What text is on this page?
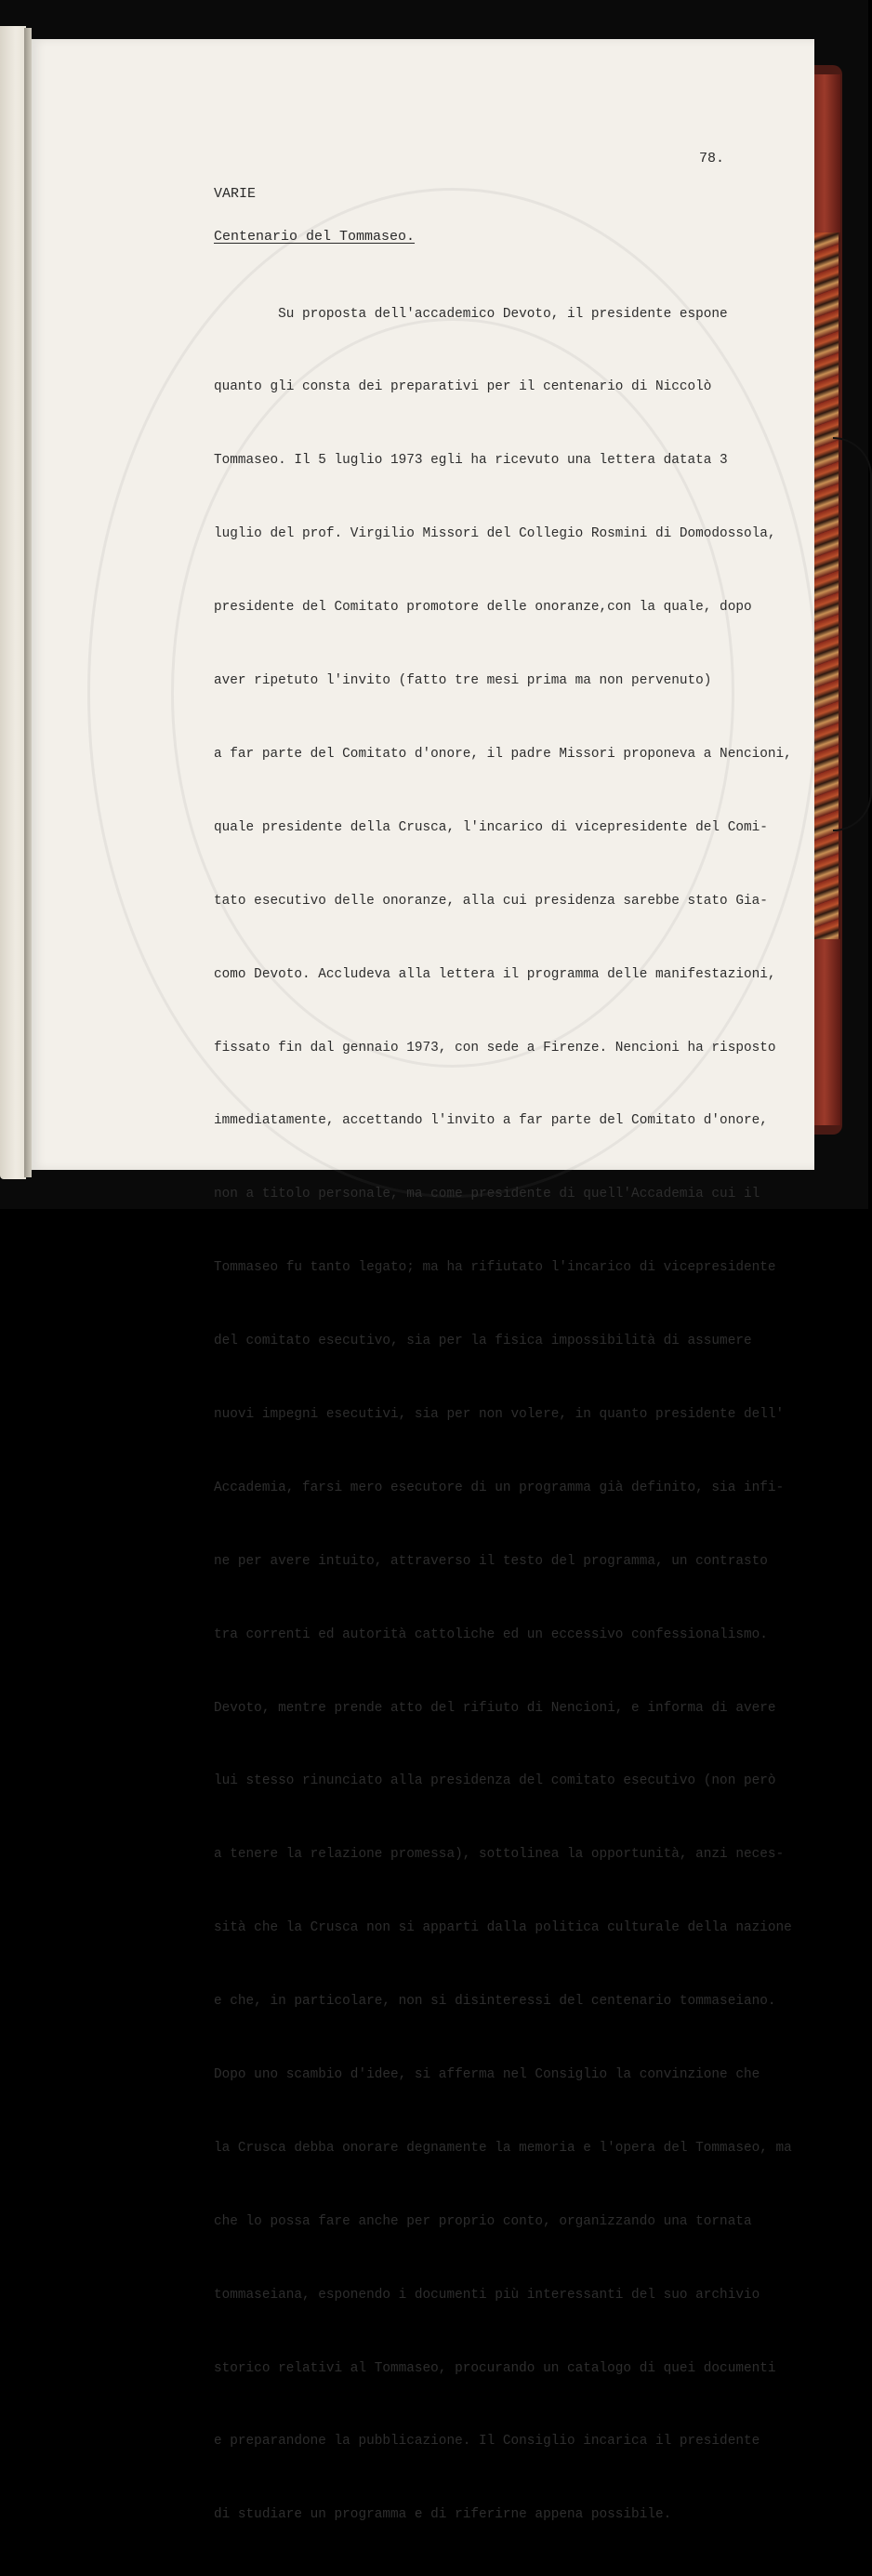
78.
VARIE
Centenario del Tommaseo.

Su proposta dell'accademico Devoto, il presidente espone

quanto gli consta dei preparativi per il centenario di Niccolò

Tommaseo. Il 5 luglio 1973 egli ha ricevuto una lettera datata 3

luglio del prof. Virgilio Missori del Collegio Rosmini di Domodossola,

presidente del Comitato promotore delle onoranze,con la quale, dopo

aver ripetuto l'invito (fatto tre mesi prima ma non pervenuto)

a far parte del Comitato d'onore, il padre Missori proponeva a Nencioni,

quale presidente della Crusca, l'incarico di vicepresidente del Comi-

tato esecutivo delle onoranze, alla cui presidenza sarebbe stato Gia-

como Devoto. Accludeva alla lettera il programma delle manifestazioni,

fissato fin dal gennaio 1973, con sede a Firenze. Nencioni ha risposto

immediatamente, accettando l'invito a far parte del Comitato d'onore,

non a titolo personale, ma come presidente di quell'Accademia cui il

Tommaseo fu tanto legato; ma ha rifiutato l'incarico di vicepresidente

del comitato esecutivo, sia per la fisica impossibilità di assumere

nuovi impegni esecutivi, sia per non volere, in quanto presidente dell'

Accademia, farsi mero esecutore di un programma già definito, sia infi-

ne per avere intuito, attraverso il testo del programma, un contrasto

tra correnti ed autorità cattoliche ed un eccessivo confessionalismo.

Devoto, mentre prende atto del rifiuto di Nencioni, e informa di avere

lui stesso rinunciato alla presidenza del comitato esecutivo (non però

a tenere la relazione promessa), sottolinea la opportunità, anzi neces-

sità che la Crusca non si apparti dalla politica culturale della nazione

e che, in particolare, non si disinteressi del centenario tommaseiano.

Dopo uno scambio d'idee, si afferma nel Consiglio la convinzione che

la Crusca debba onorare degnamente la memoria e l'opera del Tommaseo, ma

che lo possa fare anche per proprio conto, organizzando una tornata

tommaseiana, esponendo i documenti più interessanti del suo archivio

storico relativi al Tommaseo, procurando un catalogo di quei documenti

e preparandone la pubblicazione. Il Consiglio incarica il presidente

di studiare un programma e di riferirne appena possibile.
